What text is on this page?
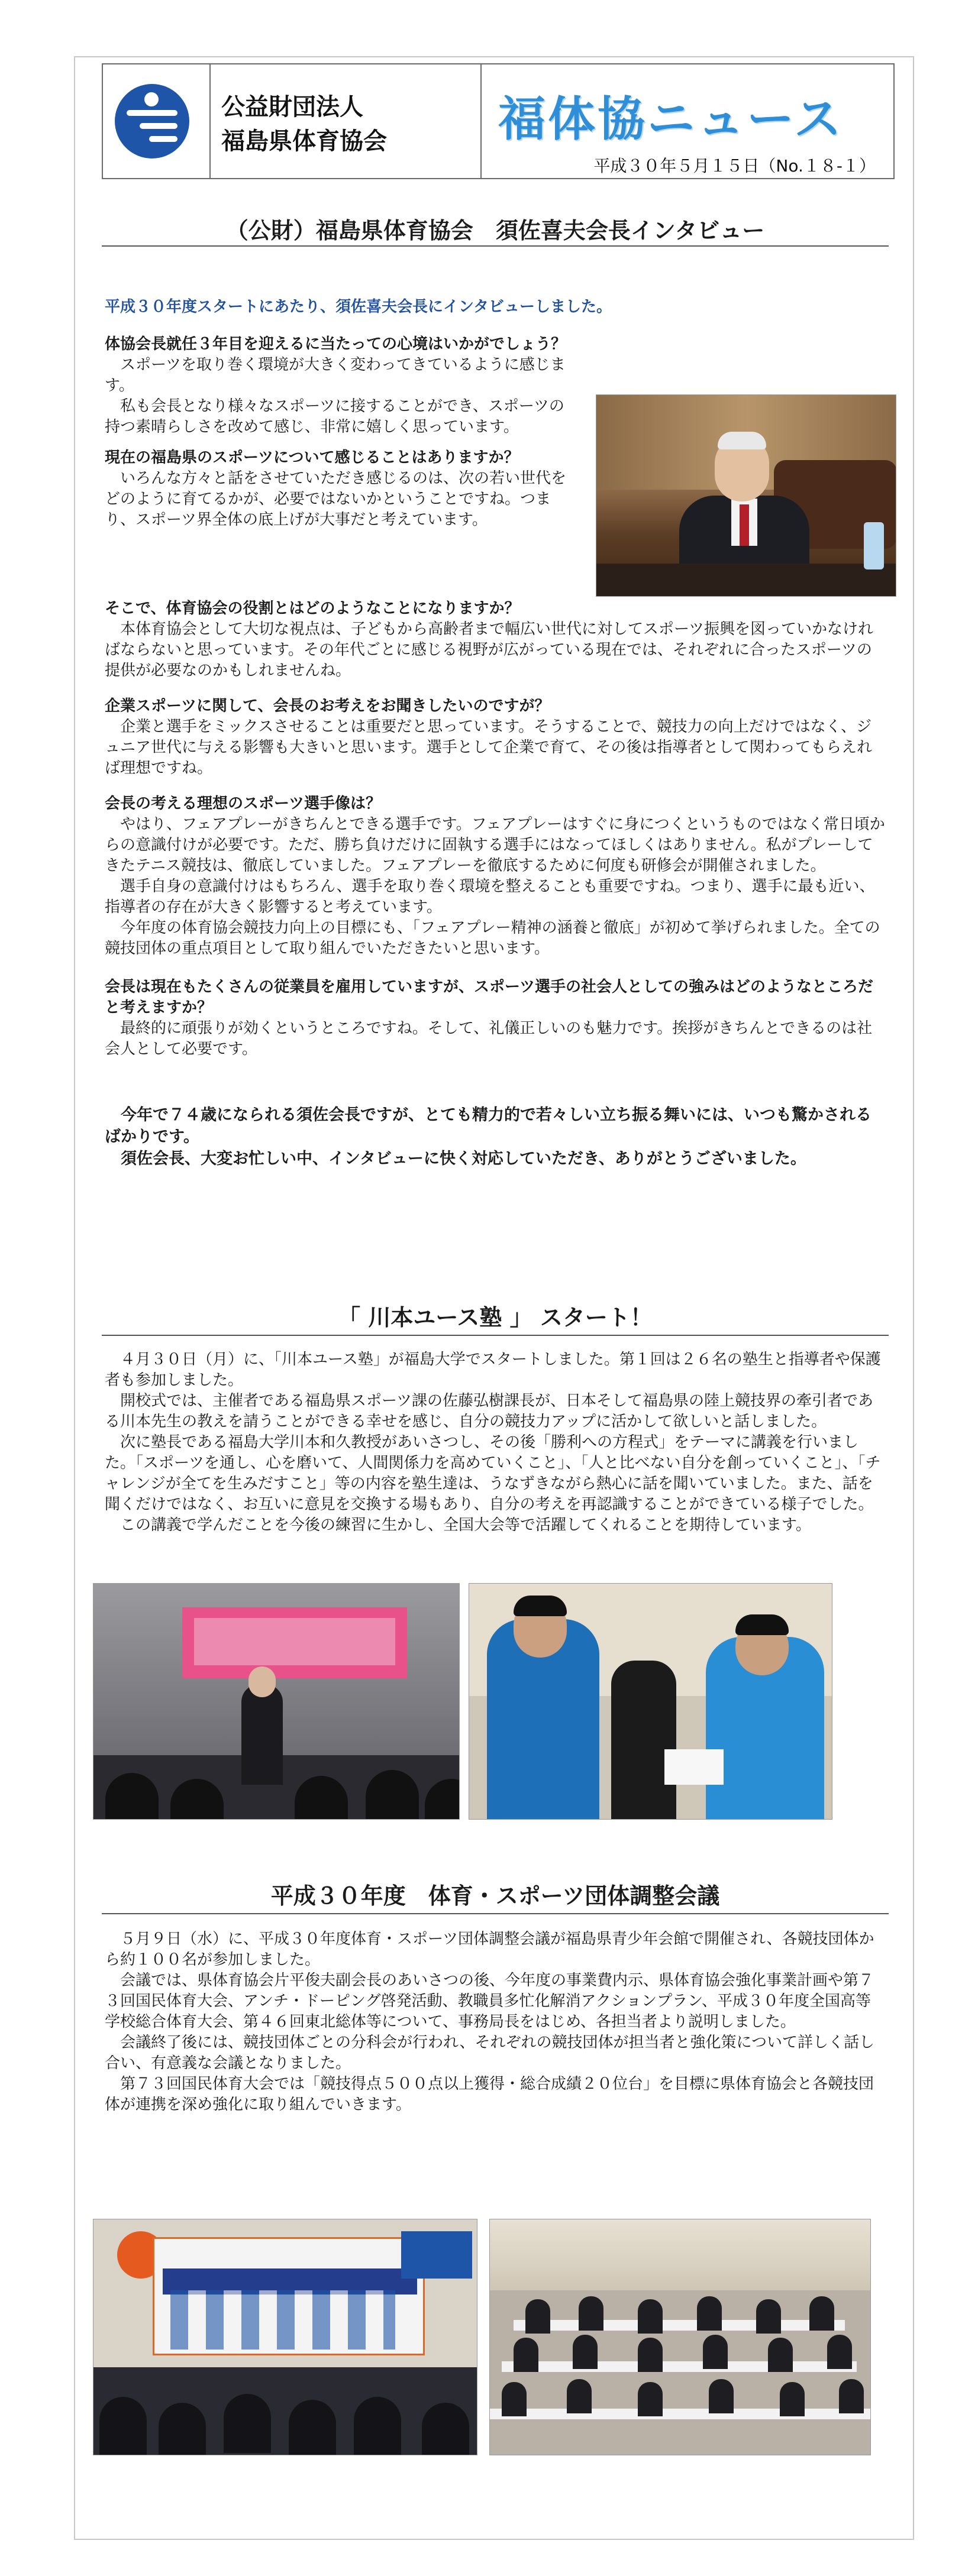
公益財団法人
福島県体育協会 福体協ニュース
平成３０年５月１５日（No.１８-１）
（公財）福島県体育協会　須佐喜夫会長インタビュー
平成３０年度スタートにあたり、須佐喜夫会長にインタビューしました。
体協会長就任３年目を迎えるに当たっての心境はいかがでしょう？
　スポーツを取り巻く環境が大きく変わってきているように感じます。
　私も会長となり様々なスポーツに接することができ、スポーツの持つ素晴らしさを改めて感じ、非常に嬉しく思っています。
現在の福島県のスポーツについて感じることはありますか？
　いろんな方々と話をさせていただき感じるのは、次の若い世代をどのように育てるかが、必要ではないかということですね。つまり、スポーツ界全体の底上げが大事だと考えています。
そこで、体育協会の役割とはどのようなことになりますか？
　本体育協会として大切な視点は、子どもから高齢者まで幅広い世代に対してスポーツ振興を図っていかなければならないと思っています。その年代ごとに感じる視野が広がっている現在では、それぞれに合ったスポーツの提供が必要なのかもしれませんね。
企業スポーツに関して、会長のお考えをお聞きしたいのですが？
　企業と選手をミックスさせることは重要だと思っています。そうすることで、競技力の向上だけではなく、ジュニア世代に与える影響も大きいと思います。選手として企業で育て、その後は指導者として関わってもらえれば理想ですね。
会長の考える理想のスポーツ選手像は？
　やはり、フェアプレーがきちんとできる選手です。フェアプレーはすぐに身につくというものではなく常日頃からの意識付けが必要です。ただ、勝ち負けだけに固執する選手にはなってほしくはありません。私がプレーしてきたテニス競技は、徹底していました。フェアプレーを徹底するために何度も研修会が開催されました。
　選手自身の意識付けはもちろん、選手を取り巻く環境を整えることも重要ですね。つまり、選手に最も近い、指導者の存在が大きく影響すると考えています。
　今年度の体育協会競技力向上の目標にも、「フェアプレー精神の涵養と徹底」が初めて挙げられました。全ての競技団体の重点項目として取り組んでいただきたいと思います。
会長は現在もたくさんの従業員を雇用していますが、スポーツ選手の社会人としての強みはどのようなところだと考えますか？
　最終的に頑張りが効くというところですね。そして、礼儀正しいのも魅力です。挨拶がきちんとできるのは社会人として必要です。
　今年で７４歳になられる須佐会長ですが、とても精力的で若々しい立ち振る舞いには、いつも驚かされるばかりです。
　須佐会長、大変お忙しい中、インタビューに快く対応していただき、ありがとうございました。
「 川本ユース塾 」 スタート！
　４月３０日（月）に、「川本ユース塾」が福島大学でスタートしました。第１回は２６名の塾生と指導者や保護者も参加しました。
　開校式では、主催者である福島県スポーツ課の佐藤弘樹課長が、日本そして福島県の陸上競技界の牽引者である川本先生の教えを請うことができる幸せを感じ、自分の競技力アップに活かして欲しいと話しました。
　次に塾長である福島大学川本和久教授があいさつし、その後「勝利への方程式」をテーマに講義を行いました。「スポーツを通し、心を磨いて、人間関係力を高めていくこと」、「人と比べない自分を創っていくこと」、「チャレンジが全てを生みだすこと」等の内容を塾生達は、うなずきながら熱心に話を聞いていました。また、話を聞くだけではなく、お互いに意見を交換する場もあり、自分の考えを再認識することができている様子でした。
　この講義で学んだことを今後の練習に生かし、全国大会等で活躍してくれることを期待しています。
平成３０年度　体育・スポーツ団体調整会議
　５月９日（水）に、平成３０年度体育・スポーツ団体調整会議が福島県青少年会館で開催され、各競技団体から約１００名が参加しました。
　会議では、県体育協会片平俊夫副会長のあいさつの後、今年度の事業費内示、県体育協会強化事業計画や第７３回国民体育大会、アンチ・ドーピング啓発活動、教職員多忙化解消アクションプラン、平成３０年度全国高等学校総合体育大会、第４６回東北総体等について、事務局長をはじめ、各担当者より説明しました。
　会議終了後には、競技団体ごとの分科会が行われ、それぞれの競技団体が担当者と強化策について詳しく話し合い、有意義な会議となりました。
　第７３回国民体育大会では「競技得点５００点以上獲得・総合成績２０位台」を目標に県体育協会と各競技団体が連携を深め強化に取り組んでいきます。
